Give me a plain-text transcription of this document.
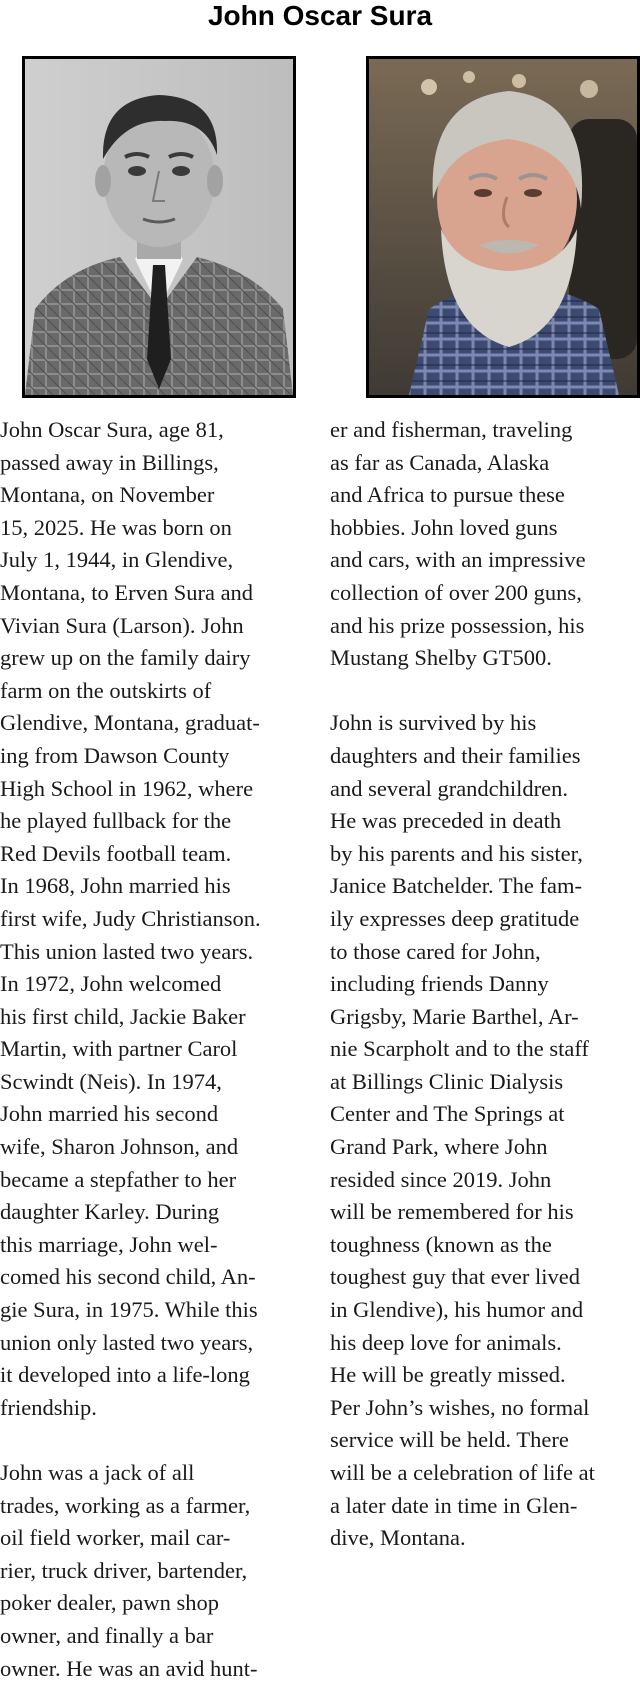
John Oscar Sura
John Oscar Sura, age 81,
passed away in Billings,
Montana, on November
15, 2025. He was born on
July 1, 1944, in Glendive,
Montana, to Erven Sura and
Vivian Sura (Larson). John
grew up on the family dairy
farm on the outskirts of
Glendive, Montana, graduat-
ing from Dawson County
High School in 1962, where
he played fullback for the
Red Devils football team.
In 1968, John married his
first wife, Judy Christianson.
This union lasted two years.
In 1972, John welcomed
his first child, Jackie Baker
Martin, with partner Carol
Scwindt (Neis). In 1974,
John married his second
wife, Sharon Johnson, and
became a stepfather to her
daughter Karley. During
this marriage, John wel-
comed his second child, An-
gie Sura, in 1975. While this
union only lasted two years,
it developed into a life-long
friendship.
John was a jack of all
trades, working as a farmer,
oil field worker, mail car-
rier, truck driver, bartender,
poker dealer, pawn shop
owner, and finally a bar
owner. He was an avid hunt-
er and fisherman, traveling
as far as Canada, Alaska
and Africa to pursue these
hobbies. John loved guns
and cars, with an impressive
collection of over 200 guns,
and his prize possession, his
Mustang Shelby GT500.
John is survived by his
daughters and their families
and several grandchildren.
He was preceded in death
by his parents and his sister,
Janice Batchelder. The fam-
ily expresses deep gratitude
to those cared for John,
including friends Danny
Grigsby, Marie Barthel, Ar-
nie Scarpholt and to the staff
at Billings Clinic Dialysis
Center and The Springs at
Grand Park, where John
resided since 2019. John
will be remembered for his
toughness (known as the
toughest guy that ever lived
in Glendive), his humor and
his deep love for animals.
He will be greatly missed.
Per John’s wishes, no formal
service will be held. There
will be a celebration of life at
a later date in time in Glen-
dive, Montana.
